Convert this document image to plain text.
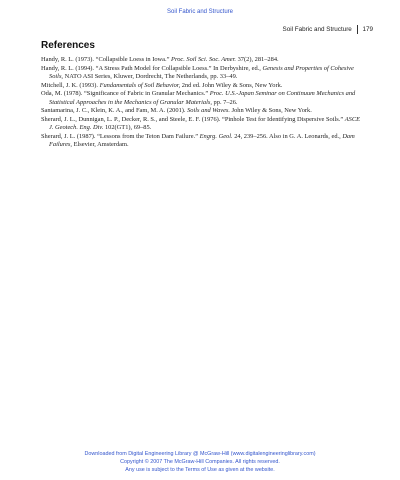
Soil Fabric and Structure
Soil Fabric and Structure	179
References

Handy, R. L. (1973). “Collapsible Loess in Iowa.” Proc. Soil Sci. Soc. Amer. 37(2), 281–284.

Handy, R. L. (1994). “A Stress Path Model for Collapsible Loess.” In Derbyshire, ed., Genesis and Properties of Cohesive Soils, NATO ASI Series, Kluwer, Dordrecht, The Netherlands, pp. 33–49.

Mitchell, J. K. (1993). Fundamentals of Soil Behavior, 2nd ed. John Wiley & Sons, New York.

Oda, M. (1978). “Significance of Fabric in Granular Mechanics.” Proc. U.S.-Japan Seminar on Continuum Mechanics and Statistical Approaches in the Mechanics of Granular Materials, pp. 7–26.

Santamarina, J. C., Klein, K. A., and Fam, M. A. (2001). Soils and Waves. John Wiley & Sons, New York.

Sherard, J. L., Dunnigan, L. P., Decker, R. S., and Steele, E. F. (1976). “Pinhole Test for Identifying Dispersive Soils.” ASCE J. Geotech. Eng. Div. 102(GT1), 69–85.

Sherard, J. L. (1987). “Lessons from the Teton Dam Failure.” Engrg. Geol. 24, 239–256. Also in G. A. Leonards, ed., Dam Failures, Elsevier, Amsterdam.

Downloaded from Digital Engineering Library @ McGraw-Hill (www.digitalengineeringlibrary.com)
Copyright © 2007 The McGraw-Hill Companies. All rights reserved.
Any use is subject to the Terms of Use as given at the website.
